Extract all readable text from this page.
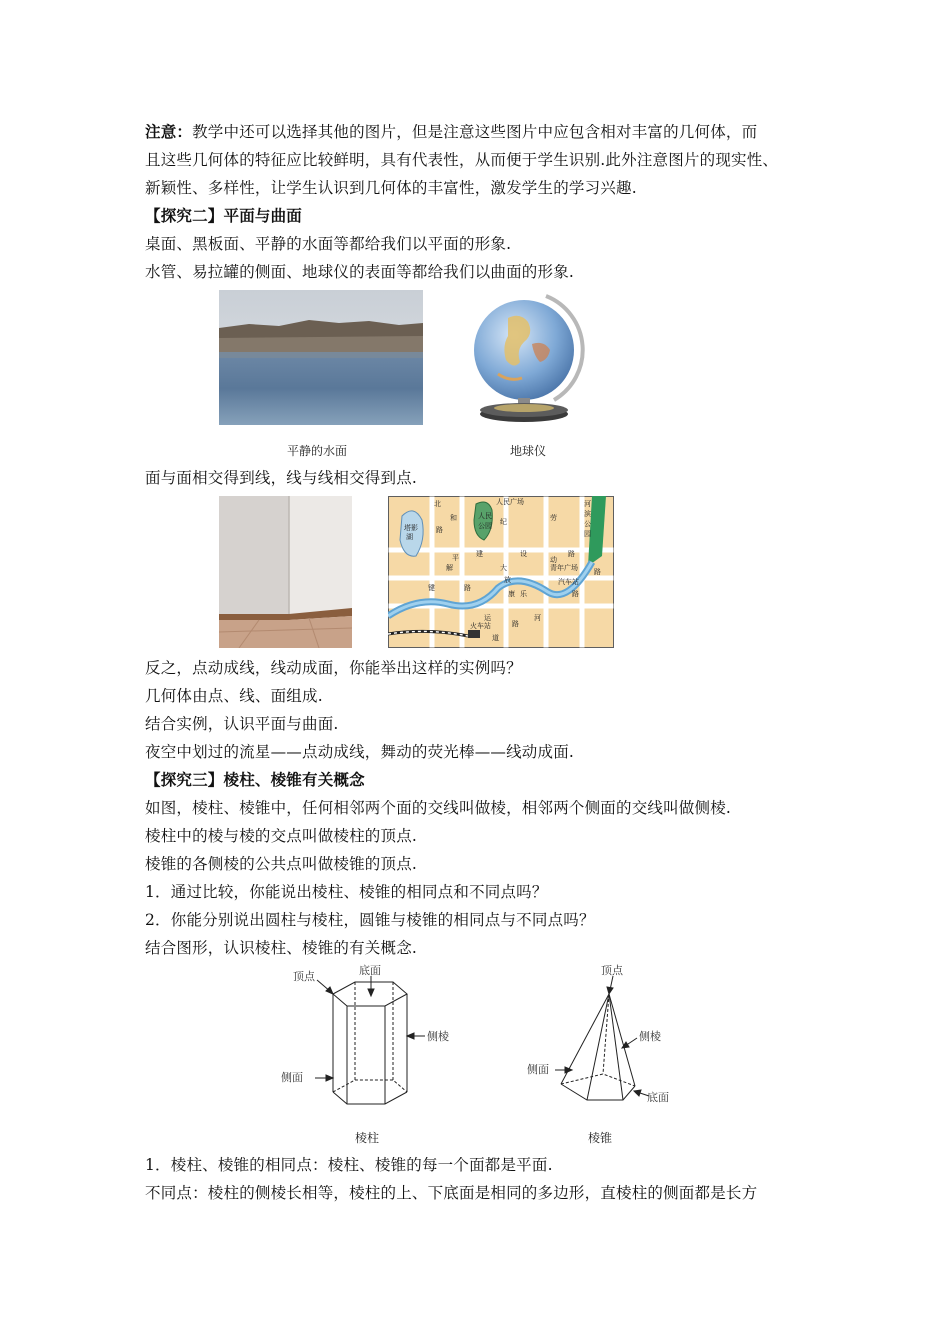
注意：教学中还可以选择其他的图片，但是注意这些图片中应包含相对丰富的几何体，而
且这些几何体的特征应比较鲜明，具有代表性，从而便于学生识别.此外注意图片的现实性、
新颖性、多样性，让学生认识到几何体的丰富性，激发学生的学习兴趣.
【探究二】平面与曲面
桌面、黑板面、平静的水面等都给我们以平面的形象.
水管、易拉罐的侧面、地球仪的表面等都给我们以曲面的形象.
平静的水面	地球仪
面与面相交得到线，线与线相交得到点.
人民广场
人民
公园
塔影
湖
北
和
路
纪	劳
河
滨
公
园
平 建	设	路
解	大
动
青年广场
汽车站
放
路
键
康 乐	路
路
运
路
河
道
火车站
反之，点动成线，线动成面，你能举出这样的实例吗？
几何体由点、线、面组成.
结合实例，认识平面与曲面.
夜空中划过的流星——点动成线，舞动的荧光棒——线动成面.
【探究三】棱柱、棱锥有关概念
如图，棱柱、棱锥中，任何相邻两个面的交线叫做棱，相邻两个侧面的交线叫做侧棱.
棱柱中的棱与棱的交点叫做棱柱的顶点.
棱锥的各侧棱的公共点叫做棱锥的顶点.
1．通过比较，你能说出棱柱、棱锥的相同点和不同点吗？
2．你能分别说出圆柱与棱柱，圆锥与棱锥的相同点与不同点吗？
结合图形，认识棱柱、棱锥的有关概念.
顶点	底面
侧棱
侧面
棱柱
顶点
侧棱
侧面
底面
棱锥
1．棱柱、棱锥的相同点：棱柱、棱锥的每一个面都是平面.
不同点：棱柱的侧棱长相等，棱柱的上、下底面是相同的多边形，直棱柱的侧面都是长方
